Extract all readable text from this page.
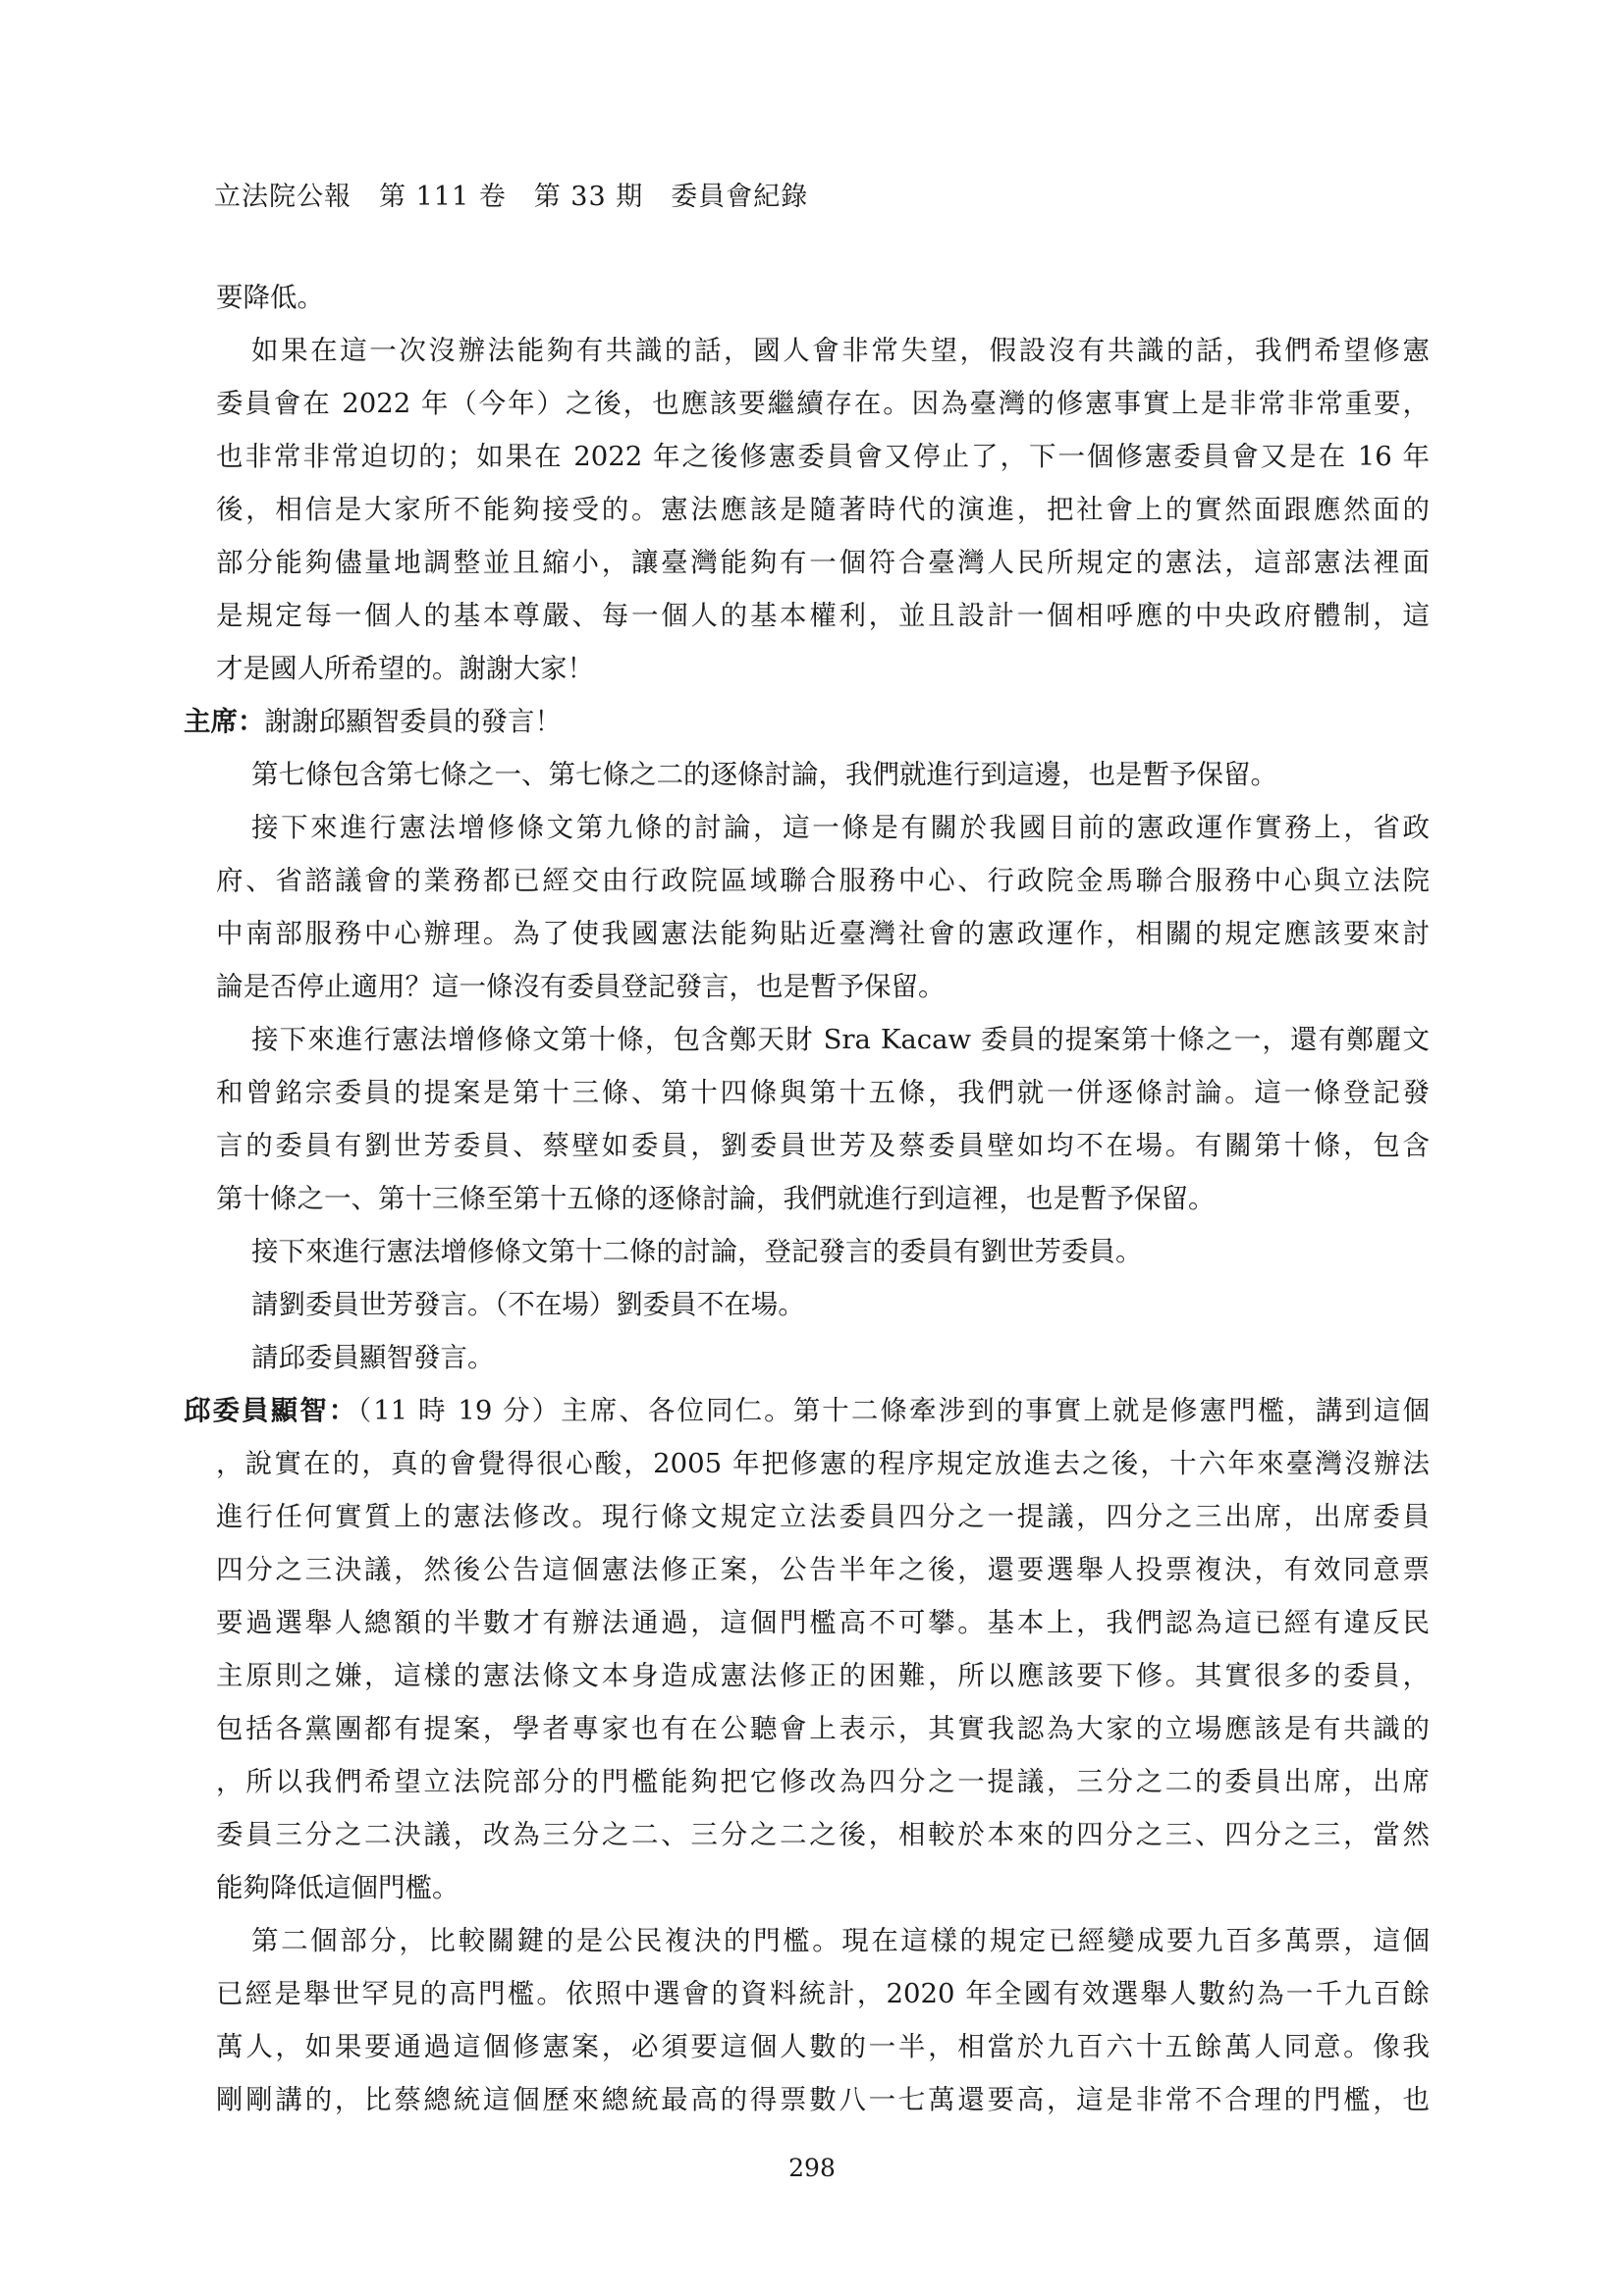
立法院公報　第 111 卷　第 33 期　委員會紀錄
要降低。
如果在這一次沒辦法能夠有共識的話，國人會非常失望，假設沒有共識的話，我們希望修憲
委員會在 2022 年（今年）之後，也應該要繼續存在。因為臺灣的修憲事實上是非常非常重要，
也非常非常迫切的；如果在 2022 年之後修憲委員會又停止了，下一個修憲委員會又是在 16 年
後，相信是大家所不能夠接受的。憲法應該是隨著時代的演進，把社會上的實然面跟應然面的
部分能夠儘量地調整並且縮小，讓臺灣能夠有一個符合臺灣人民所規定的憲法，這部憲法裡面
是規定每一個人的基本尊嚴、每一個人的基本權利，並且設計一個相呼應的中央政府體制，這
才是國人所希望的。謝謝大家！
主席：謝謝邱顯智委員的發言！
第七條包含第七條之一、第七條之二的逐條討論，我們就進行到這邊，也是暫予保留。
接下來進行憲法增修條文第九條的討論，這一條是有關於我國目前的憲政運作實務上，省政
府、省諮議會的業務都已經交由行政院區域聯合服務中心、行政院金馬聯合服務中心與立法院
中南部服務中心辦理。為了使我國憲法能夠貼近臺灣社會的憲政運作，相關的規定應該要來討
論是否停止適用？這一條沒有委員登記發言，也是暫予保留。
接下來進行憲法增修條文第十條，包含鄭天財 Sra Kacaw 委員的提案第十條之一，還有鄭麗文
和曾銘宗委員的提案是第十三條、第十四條與第十五條，我們就一併逐條討論。這一條登記發
言的委員有劉世芳委員、蔡壁如委員，劉委員世芳及蔡委員壁如均不在場。有關第十條，包含
第十條之一、第十三條至第十五條的逐條討論，我們就進行到這裡，也是暫予保留。
接下來進行憲法增修條文第十二條的討論，登記發言的委員有劉世芳委員。
請劉委員世芳發言。（不在場）劉委員不在場。
請邱委員顯智發言。
邱委員顯智：（11 時 19 分）主席、各位同仁。第十二條牽涉到的事實上就是修憲門檻，講到這個
，說實在的，真的會覺得很心酸，2005 年把修憲的程序規定放進去之後，十六年來臺灣沒辦法
進行任何實質上的憲法修改。現行條文規定立法委員四分之一提議，四分之三出席，出席委員
四分之三決議，然後公告這個憲法修正案，公告半年之後，還要選舉人投票複決，有效同意票
要過選舉人總額的半數才有辦法通過，這個門檻高不可攀。基本上，我們認為這已經有違反民
主原則之嫌，這樣的憲法條文本身造成憲法修正的困難，所以應該要下修。其實很多的委員，
包括各黨團都有提案，學者專家也有在公聽會上表示，其實我認為大家的立場應該是有共識的
，所以我們希望立法院部分的門檻能夠把它修改為四分之一提議，三分之二的委員出席，出席
委員三分之二決議，改為三分之二、三分之二之後，相較於本來的四分之三、四分之三，當然
能夠降低這個門檻。
第二個部分，比較關鍵的是公民複決的門檻。現在這樣的規定已經變成要九百多萬票，這個
已經是舉世罕見的高門檻。依照中選會的資料統計，2020 年全國有效選舉人數約為一千九百餘
萬人，如果要通過這個修憲案，必須要這個人數的一半，相當於九百六十五餘萬人同意。像我
剛剛講的，比蔡總統這個歷來總統最高的得票數八一七萬還要高，這是非常不合理的門檻，也
298
